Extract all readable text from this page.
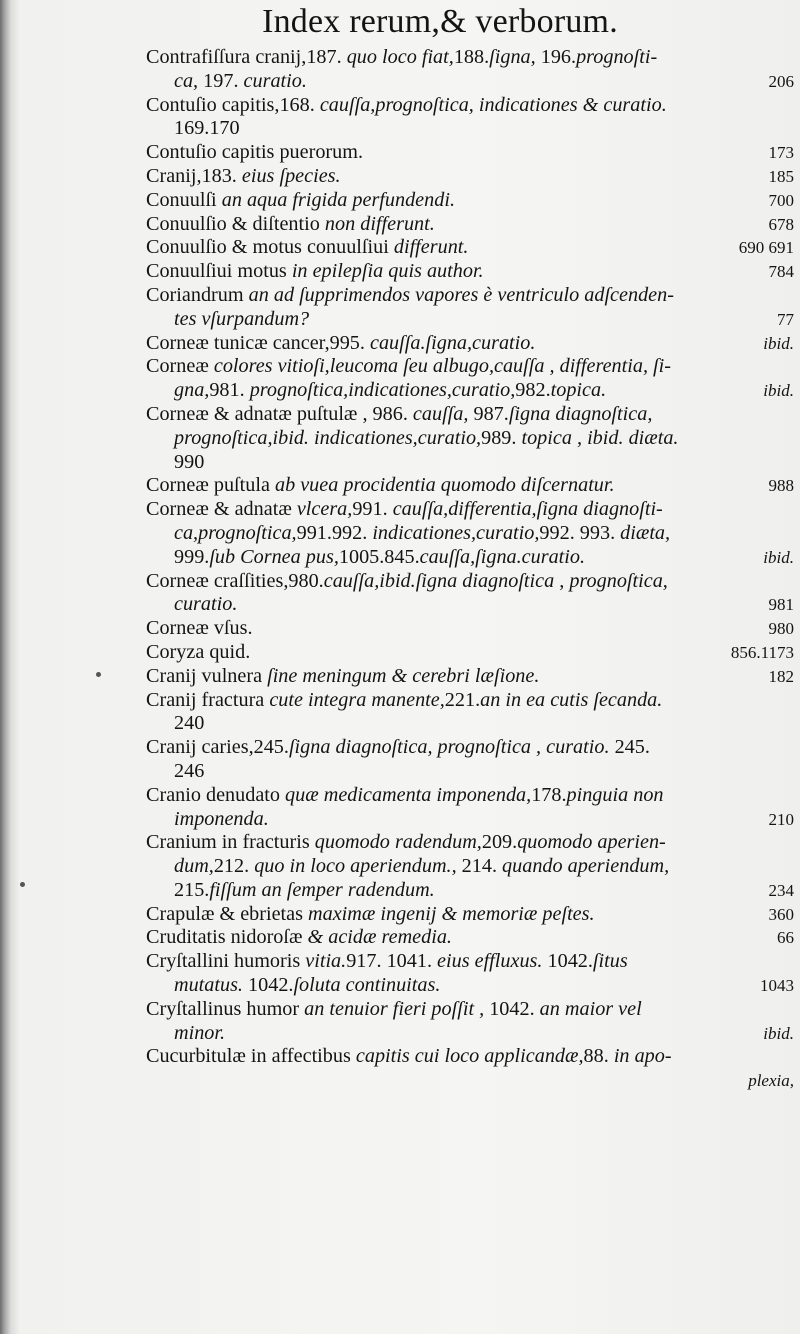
Index rerum,& verborum.
Contrafiſſura cranij,187. quo loco fiat,188.ſigna, 196.prognoſti-
ca, 197. curatio.	206
Contuſio capitis,168. cauſſa,prognoſtica, indicationes & curatio.
169.170
Contuſio capitis puerorum.	173
Cranij,183. eius ſpecies.	185
Conuulſi an aqua frigida perfundendi.	700
Conuulſio & diſtentio non differunt.	678
Conuulſio & motus conuulſiui differunt.	690 691
Conuulſiui motus in epilepſia quis author.	784
Coriandrum an ad ſupprimendos vapores è ventriculo adſcenden-
tes vſurpandum?	77
Corneæ tunicæ cancer,995. cauſſa.ſigna,curatio.	ibid.
Corneæ colores vitioſi,leucoma ſeu albugo,cauſſa , differentia, ſi-
gna,981. prognoſtica,indicationes,curatio,982.topica.	ibid.
Corneæ & adnatæ puſtulæ , 986. cauſſa, 987.ſigna diagnoſtica,
prognoſtica,ibid. indicationes,curatio,989. topica , ibid. diæta.
990
Corneæ puſtula ab vuea procidentia quomodo diſcernatur.	988
Corneæ & adnatæ vlcera,991. cauſſa,differentia,ſigna diagnoſti-
ca,prognoſtica,991.992. indicationes,curatio,992. 993. diæta,
999.ſub Cornea pus,1005.845.cauſſa,ſigna.curatio.	ibid.
Corneæ craſſities,980.cauſſa,ibid.ſigna diagnoſtica , prognoſtica,
curatio.	981
Corneæ vſus.	980
Coryza quid.	856.1173
Cranij vulnera ſine meningum & cerebri læſione.	182
Cranij fractura cute integra manente,221.an in ea cutis ſecanda.
240
Cranij caries,245.ſigna diagnoſtica, prognoſtica , curatio. 245.
246
Cranio denudato quæ medicamenta imponenda,178.pinguia non
imponenda.	210
Cranium in fracturis quomodo radendum,209.quomodo aperien-
dum,212. quo in loco aperiendum., 214. quando aperiendum,
215.fiſſum an ſemper radendum.	234
Crapulæ & ebrietas maximæ ingenij & memoriæ peſtes.	360
Cruditatis nidoroſæ & acidæ remedia.	66
Cryſtallini humoris vitia.917. 1041. eius effluxus. 1042.ſitus
mutatus. 1042.ſoluta continuitas.	1043
Cryſtallinus humor an tenuior fieri poſſit , 1042. an maior vel
minor.	ibid.
Cucurbitulæ in affectibus capitis cui loco applicandæ,88. in apo-
plexia,
